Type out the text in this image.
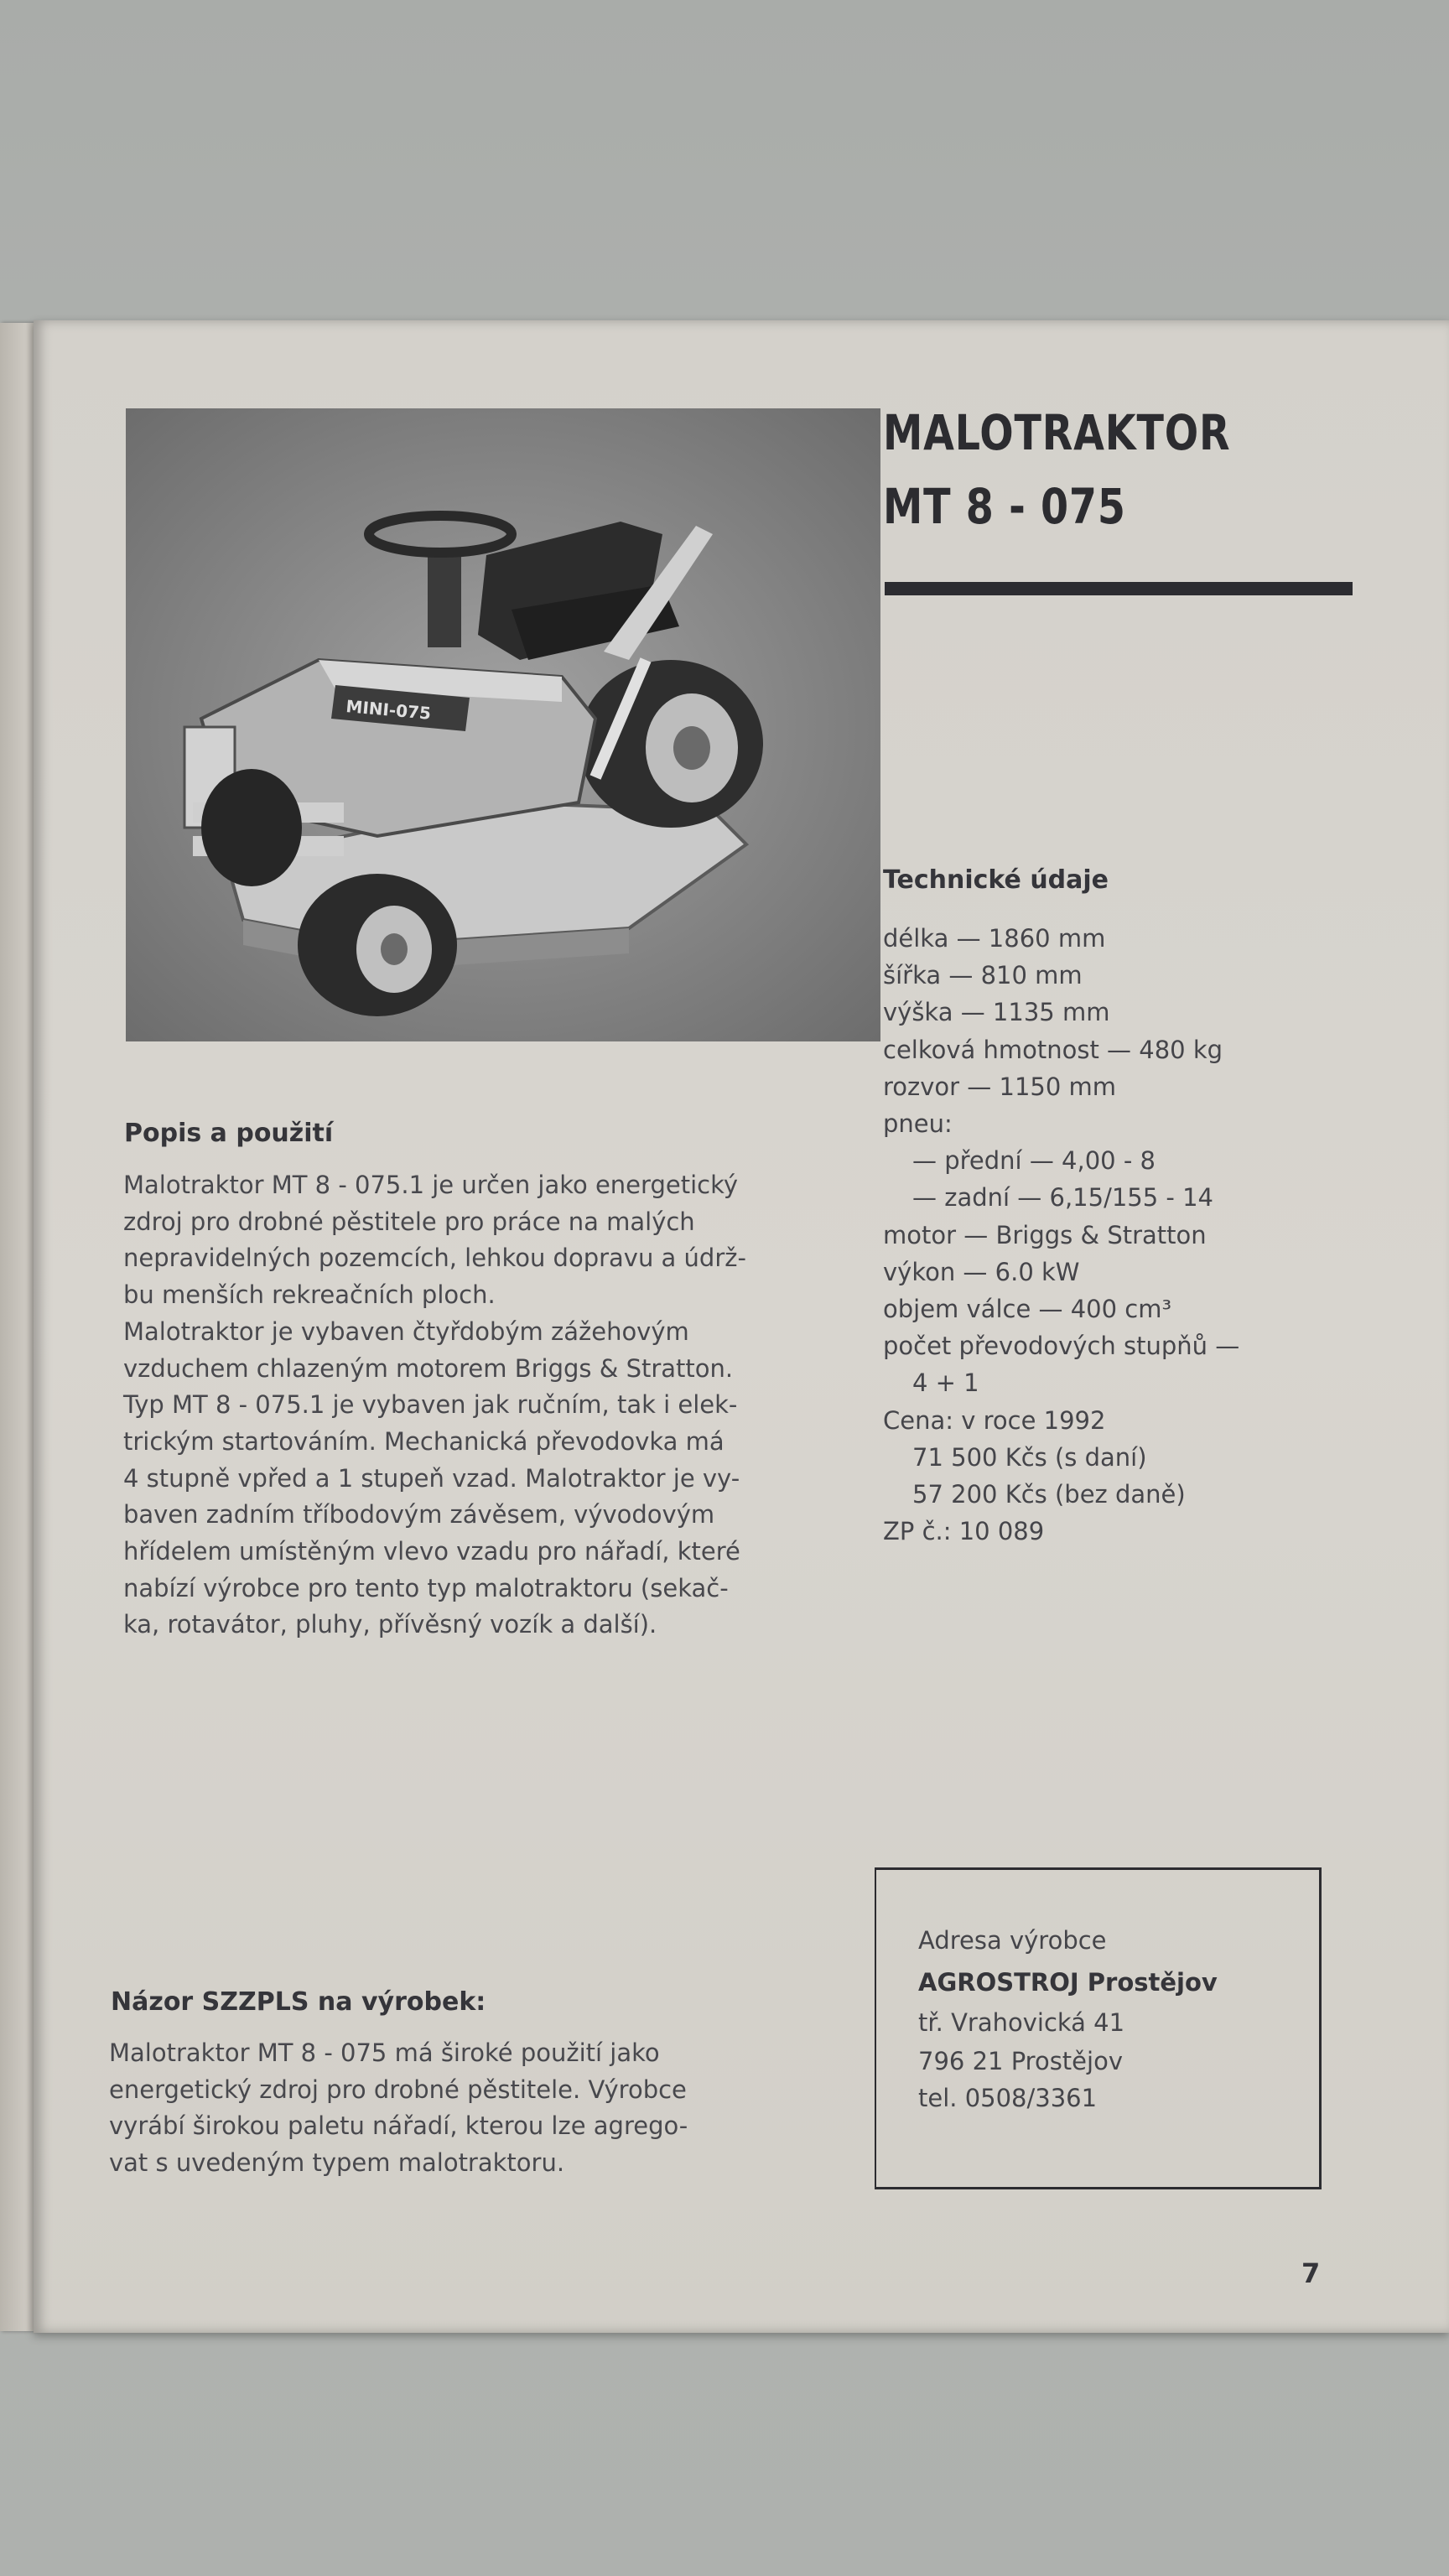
MINI-075
MALOTRAKTOR
MT 8 - 075
Technické údaje
délka — 1860 mm
šířka — 810 mm
výška — 1135 mm
celková hmotnost — 480 kg
rozvor — 1150 mm
pneu:
— přední — 4,00 - 8
— zadní — 6,15/155 - 14
motor — Briggs & Stratton
výkon — 6.0 kW
objem válce — 400 cm³
počet převodových stupňů —
4 + 1
Cena: v roce 1992
71 500 Kčs (s daní)
57 200 Kčs (bez daně)
ZP č.: 10 089
Popis a použití
Malotraktor MT 8 - 075.1 je určen jako energetický
zdroj pro drobné pěstitele pro práce na malých
nepravidelných pozemcích, lehkou dopravu a údrž-
bu menších rekreačních ploch.
Malotraktor je vybaven čtyřdobým zážehovým
vzduchem chlazeným motorem Briggs & Stratton.
Typ MT 8 - 075.1 je vybaven jak ručním, tak i elek-
trickým startováním. Mechanická převodovka má
4 stupně vpřed a 1 stupeň vzad. Malotraktor je vy-
baven zadním tříbodovým závěsem, vývodovým
hřídelem umístěným vlevo vzadu pro nářadí, které
nabízí výrobce pro tento typ malotraktoru (sekač-
ka, rotavátor, pluhy, přívěsný vozík a další).
Názor SZZPLS na výrobek:
Malotraktor MT 8 - 075 má široké použití jako
energetický zdroj pro drobné pěstitele. Výrobce
vyrábí širokou paletu nářadí, kterou lze agrego-
vat s uvedeným typem malotraktoru.
Adresa výrobce
AGROSTROJ Prostějov
tř. Vrahovická 41
796 21 Prostějov
tel. 0508/3361
7
